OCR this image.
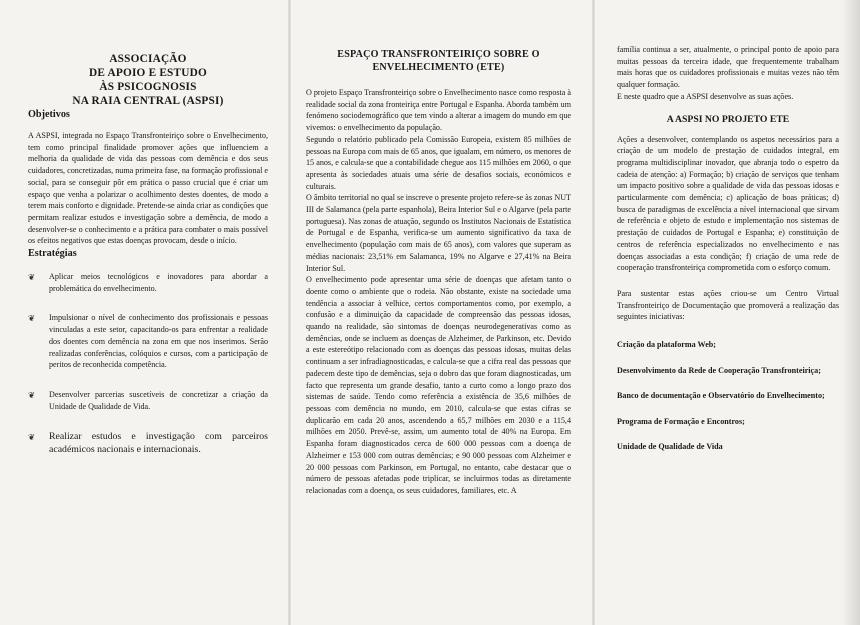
ASSOCIAÇÃO
DE APOIO E ESTUDO
ÀS PSICOGNOSIS
NA RAIA CENTRAL (ASPSI)
Objetivos

A ASPSI, integrada no Espaço Transfronteiriço sobre o Envelhecimento, tem como principal finalidade promover ações que influenciem a melhoria da qualidade de vida das pessoas com demência e dos seus cuidadores, concretizadas, numa primeira fase, na formação profissional e social, para se conseguir pôr em prática o passo crucial que é criar um espaço que venha a polarizar o acolhimento destes doentes, de modo a terem mais conforto e dignidade. Pretende-se ainda criar as condições que permitam realizar estudos e investigação sobre a demência, de modo a desenvolver-se o conhecimento e a prática para combater o mais possível os efeitos negativos que estas doenças provocam, desde o início.

Estratégias
❦ Aplicar meios tecnológicos e inovadores para abordar a problemática do envelhecimento.
❦ Impulsionar o nível de conhecimento dos profissionais e pessoas vinculadas a este setor, capacitando-os para enfrentar a realidade dos doentes com demência na zona em que nos inserimos. Serão realizadas conferências, colóquios e cursos, com a participação de peritos de reconhecida competência.
❦ Desenvolver parcerias suscetíveis de concretizar a criação da Unidade de Qualidade de Vida.
❦ Realizar estudos e investigação com parceiros académicos nacionais e internacionais.
ESPAÇO TRANSFRONTEIRIÇO SOBRE O
ENVELHECIMENTO (ETE)

O projeto Espaço Transfronteiriço sobre o Envelhecimento nasce como resposta à realidade social da zona fronteiriça entre Portugal e Espanha. Aborda também um fenómeno sociodemográfico que tem vindo a alterar a imagem do mundo em que vivemos: o envelhecimento da população.

Segundo o relatório publicado pela Comissão Europeia, existem 85 milhões de pessoas na Europa com mais de 65 anos, que igualam, em número, os menores de 15 anos, e calcula-se que a contabilidade chegue aos 115 milhões em 2060, o que apresenta às sociedades atuais uma série de desafios sociais, económicos e culturais.

O âmbito territorial no qual se inscreve o presente projeto refere-se às zonas NUT III de Salamanca (pela parte espanhola), Beira Interior Sul e o Algarve (pela parte portuguesa). Nas zonas de atuação, segundo os Institutos Nacionais de Estatística de Portugal e de Espanha, verifica-se um aumento significativo da taxa de envelhecimento (população com mais de 65 anos), com valores que superam as médias nacionais: 23,51% em Salamanca, 19% no Algarve e 27,41% na Beira Interior Sul.

O envelhecimento pode apresentar uma série de doenças que afetam tanto o doente como o ambiente que o rodeia. Não obstante, existe na sociedade uma tendência a associar à velhice, certos comportamentos como, por exemplo, a confusão e a diminuição da capacidade de compreensão das pessoas idosas, quando na realidade, são sintomas de doenças neurodegenerativas como as demências, onde se incluem as doenças de Alzheimer, de Parkinson, etc. Devido a este estereótipo relacionado com as doenças das pessoas idosas, muitas delas continuam a ser infradiagnosticadas, e calcula-se que a cifra real das pessoas que padecem deste tipo de demências, seja o dobro das que foram diagnosticadas, um facto que representa um grande desafio, tanto a curto como a longo prazo dos sistemas de saúde. Tendo como referência a existência de 35,6 milhões de pessoas com demência no mundo, em 2010, calcula-se que estas cifras se duplicarão em cada 20 anos, ascendendo a 65,7 milhões em 2030 e a 115,4 milhões em 2050. Prevê-se, assim, um aumento total de 40% na Europa. Em Espanha foram diagnosticados cerca de 600 000 pessoas com a doença de Alzheimer e 153 000 com outras demências; e 90 000 pessoas com Alzheimer e 20 000 pessoas com Parkinson, em Portugal, no entanto, cabe destacar que o número de pessoas afetadas pode triplicar, se incluirmos todas as diretamente relacionadas com a doença, os seus cuidadores, familiares, etc. A

família continua a ser, atualmente, o principal ponto de apoio para muitas pessoas da terceira idade, que frequentemente trabalham mais horas que os cuidadores profissionais e muitas vezes não têm qualquer formação.

E neste quadro que a ASPSI desenvolve as suas ações.

A ASPSI NO PROJETO ETE

Ações a desenvolver, contemplando os aspetos necessários para a criação de um modelo de prestação de cuidados integral, em programa multidisciplinar inovador, que abranja todo o espetro da cadeia de atenção: a) Formação; b) criação de serviços que tenham um impacto positivo sobre a qualidade de vida das pessoas idosas e particularmente com demência; c) aplicação de boas práticas; d) busca de paradigmas de excelência a nível internacional que sirvam de referência e objeto de estudo e implementação nos sistemas de prestação de cuidados de Portugal e Espanha; e) constituição de centros de referência especializados no envelhecimento e nas doenças associadas a esta condição; f) criação de uma rede de cooperação transfronteiriça comprometida com o esforço comum.

Para sustentar estas ações criou-se um Centro Virtual Transfronteiriço de Documentação que promoverá a realização das seguintes iniciativas:

Criação da plataforma Web;

Desenvolvimento da Rede de Cooperação Transfronteiriça;

Banco de documentação e Observatório do Envelhecimento;

Programa de Formação e Encontros;

Unidade de Qualidade de Vida
